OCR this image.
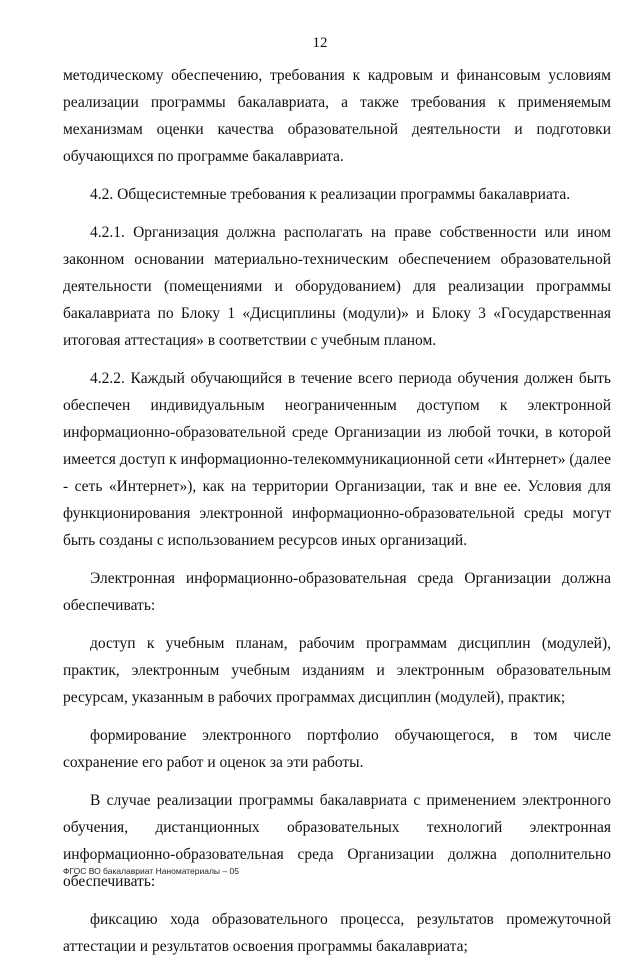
12

методическому обеспечению, требования к кадровым и финансовым условиям реализации программы бакалавриата, а также требования к применяемым механизмам оценки качества образовательной деятельности и подготовки обучающихся по программе бакалавриата.

4.2. Общесистемные требования к реализации программы бакалавриата.

4.2.1. Организация должна располагать на праве собственности или ином законном основании материально-техническим обеспечением образовательной деятельности (помещениями и оборудованием) для реализации программы бакалавриата по Блоку 1 «Дисциплины (модули)» и Блоку 3 «Государственная итоговая аттестация» в соответствии с учебным планом.

4.2.2. Каждый обучающийся в течение всего периода обучения должен быть обеспечен индивидуальным неограниченным доступом к электронной информационно-образовательной среде Организации из любой точки, в которой имеется доступ к информационно-телекоммуникационной сети «Интернет» (далее - сеть «Интернет»), как на территории Организации, так и вне ее. Условия для функционирования электронной информационно-образовательной среды могут быть созданы с использованием ресурсов иных организаций.

Электронная информационно-образовательная среда Организации должна обеспечивать:

доступ к учебным планам, рабочим программам дисциплин (модулей), практик, электронным учебным изданиям и электронным образовательным ресурсам, указанным в рабочих программах дисциплин (модулей), практик;

формирование электронного портфолио обучающегося, в том числе сохранение его работ и оценок за эти работы.

В случае реализации программы бакалавриата с применением электронного обучения, дистанционных образовательных технологий электронная информационно-образовательная среда Организации должна дополнительно обеспечивать:

фиксацию хода образовательного процесса, результатов промежуточной аттестации и результатов освоения программы бакалавриата;

ФГОС ВО бакалавриат Наноматериалы – 05
